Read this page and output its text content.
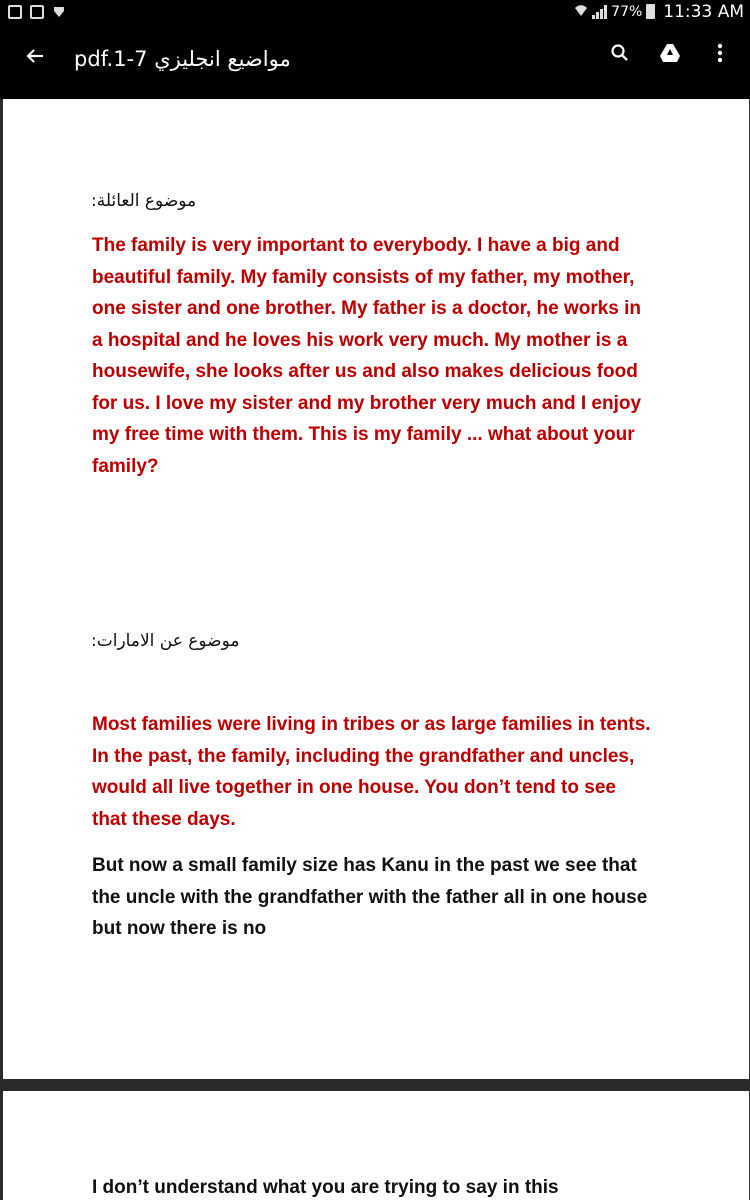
77% 11:33 AM
pdf.1-7 مواضيع انجليزي
موضوع العائلة:
The family is very important to everybody. I have a big and
beautiful family. My family consists of my father, my mother,
one sister and one brother. My father is a doctor, he works in
a hospital and he loves his work very much. My mother is a
housewife, she looks after us and also makes delicious food
for us. I love my sister and my brother very much and I enjoy
my free time with them. This is my family ... what about your
family?
موضوع عن الامارات:
Most families were living in tribes or as large families in tents.
In the past, the family, including the grandfather and uncles,
would all live together in one house. You don’t tend to see
that these days.
But now a small family size has Kanu in the past we see that
the uncle with the grandfather with the father all in one house
but now there is no
I don’t understand what you are trying to say in this
